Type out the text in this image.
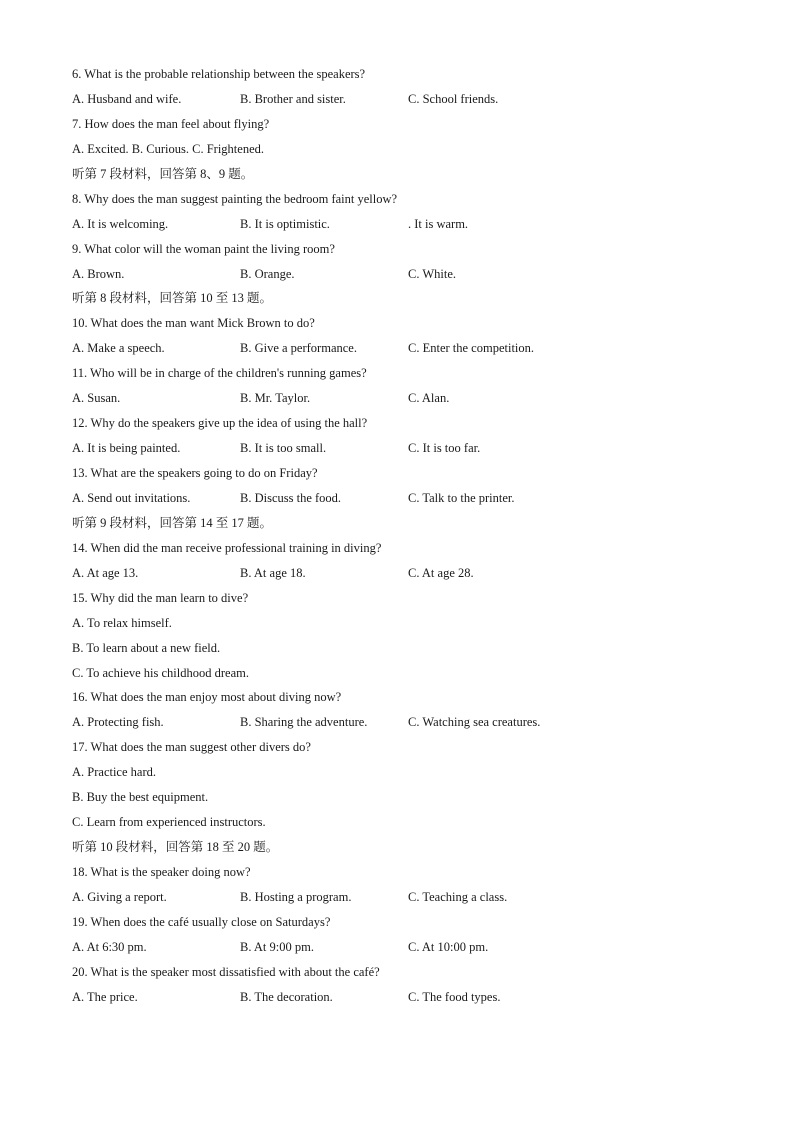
6. What is the probable relationship between the speakers?
A. Husband and wife.	B. Brother and sister.	C. School friends.
7. How does the man feel about flying?
A. Excited. B. Curious. C. Frightened.
听第 7 段材料，回答第 8、9 题。
8. Why does the man suggest painting the bedroom faint yellow?
A. It is welcoming.	B. It is optimistic.	. It is warm.
9. What color will the woman paint the living room?
A. Brown.	B. Orange.	C. White.
听第 8 段材料，回答第 10 至 13 题。
10. What does the man want Mick Brown to do?
A. Make a speech.	B. Give a performance.	C. Enter the competition.
11. Who will be in charge of the children's running games?
A. Susan.	B. Mr. Taylor.	C. Alan.
12. Why do the speakers give up the idea of using the hall?
A. It is being painted.	B. It is too small.	C. It is too far.
13. What are the speakers going to do on Friday?
A. Send out invitations.	B. Discuss the food.	C. Talk to the printer.
听第 9 段材料，回答第 14 至 17 题。
14. When did the man receive professional training in diving?
A. At age 13.	B. At age 18.	C. At age 28.
15. Why did the man learn to dive?
A. To relax himself.
B. To learn about a new field.
C. To achieve his childhood dream.
16. What does the man enjoy most about diving now?
A. Protecting fish.	B. Sharing the adventure.	C. Watching sea creatures.
17. What does the man suggest other divers do?
A. Practice hard.
B. Buy the best equipment.
C. Learn from experienced instructors.
听第 10 段材料，回答第 18 至 20 题。
18. What is the speaker doing now?
A. Giving a report.	B. Hosting a program.	C. Teaching a class.
19. When does the café usually close on Saturdays?
A. At 6:30 pm.	B. At 9:00 pm.	C. At 10:00 pm.
20. What is the speaker most dissatisfied with about the café?
A. The price.	B. The decoration.	C. The food types.
